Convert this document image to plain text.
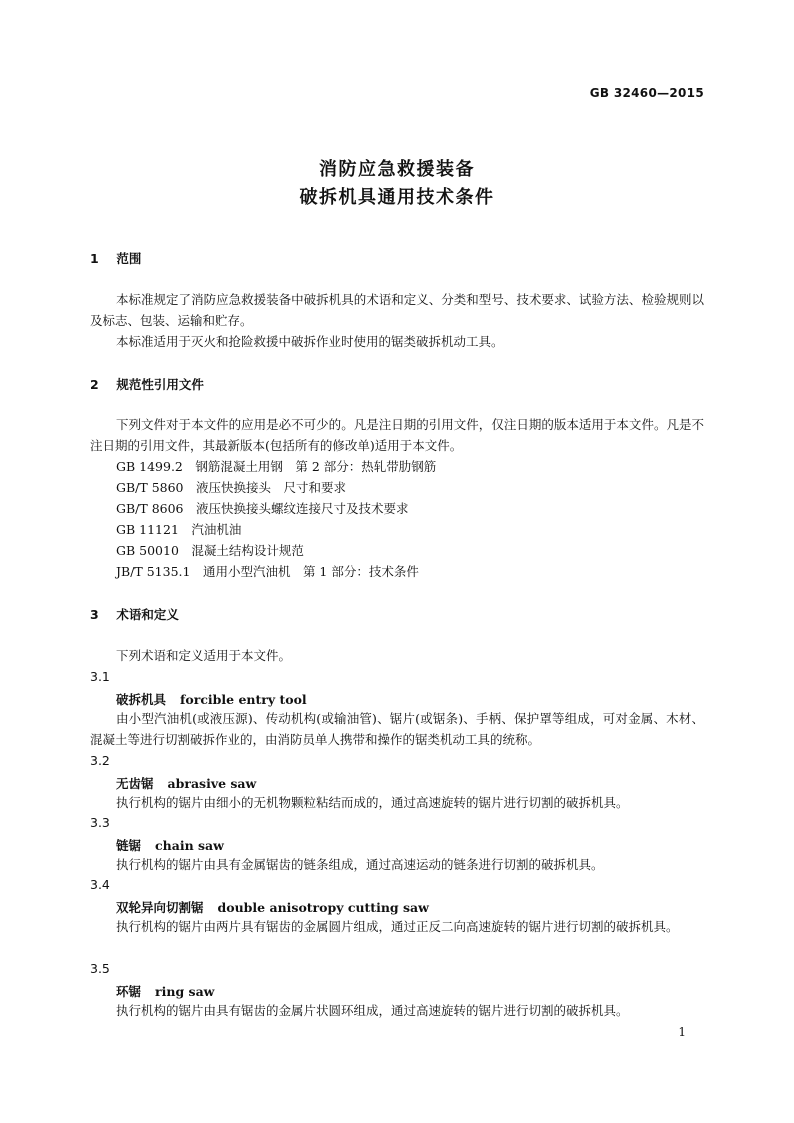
GB 32460—2015
消防应急救援装备
破拆机具通用技术条件
1 范围
本标准规定了消防应急救援装备中破拆机具的术语和定义、分类和型号、技术要求、试验方法、检验规则以及标志、包装、运输和贮存。
本标准适用于灭火和抢险救援中破拆作业时使用的锯类破拆机动工具。
2 规范性引用文件
下列文件对于本文件的应用是必不可少的。凡是注日期的引用文件，仅注日期的版本适用于本文件。凡是不注日期的引用文件，其最新版本(包括所有的修改单)适用于本文件。
GB 1499.2　钢筋混凝土用钢　第 2 部分：热轧带肋钢筋
GB/T 5860　液压快换接头　尺寸和要求
GB/T 8606　液压快换接头螺纹连接尺寸及技术要求
GB 11121　汽油机油
GB 50010　混凝土结构设计规范
JB/T 5135.1　通用小型汽油机　第 1 部分：技术条件
3 术语和定义
下列术语和定义适用于本文件。
3.1
破拆机具 forcible entry tool
由小型汽油机(或液压源)、传动机构(或输油管)、锯片(或锯条)、手柄、保护罩等组成，可对金属、木材、混凝土等进行切割破拆作业的，由消防员单人携带和操作的锯类机动工具的统称。
3.2
无齿锯 abrasive saw
执行机构的锯片由细小的无机物颗粒粘结而成的，通过高速旋转的锯片进行切割的破拆机具。
3.3
链锯 chain saw
执行机构的锯片由具有金属锯齿的链条组成，通过高速运动的链条进行切割的破拆机具。
3.4
双轮异向切割锯 double anisotropy cutting saw
执行机构的锯片由两片具有锯齿的金属圆片组成，通过正反二向高速旋转的锯片进行切割的破拆机具。
3.5
环锯 ring saw
执行机构的锯片由具有锯齿的金属片状圆环组成，通过高速旋转的锯片进行切割的破拆机具。
1
